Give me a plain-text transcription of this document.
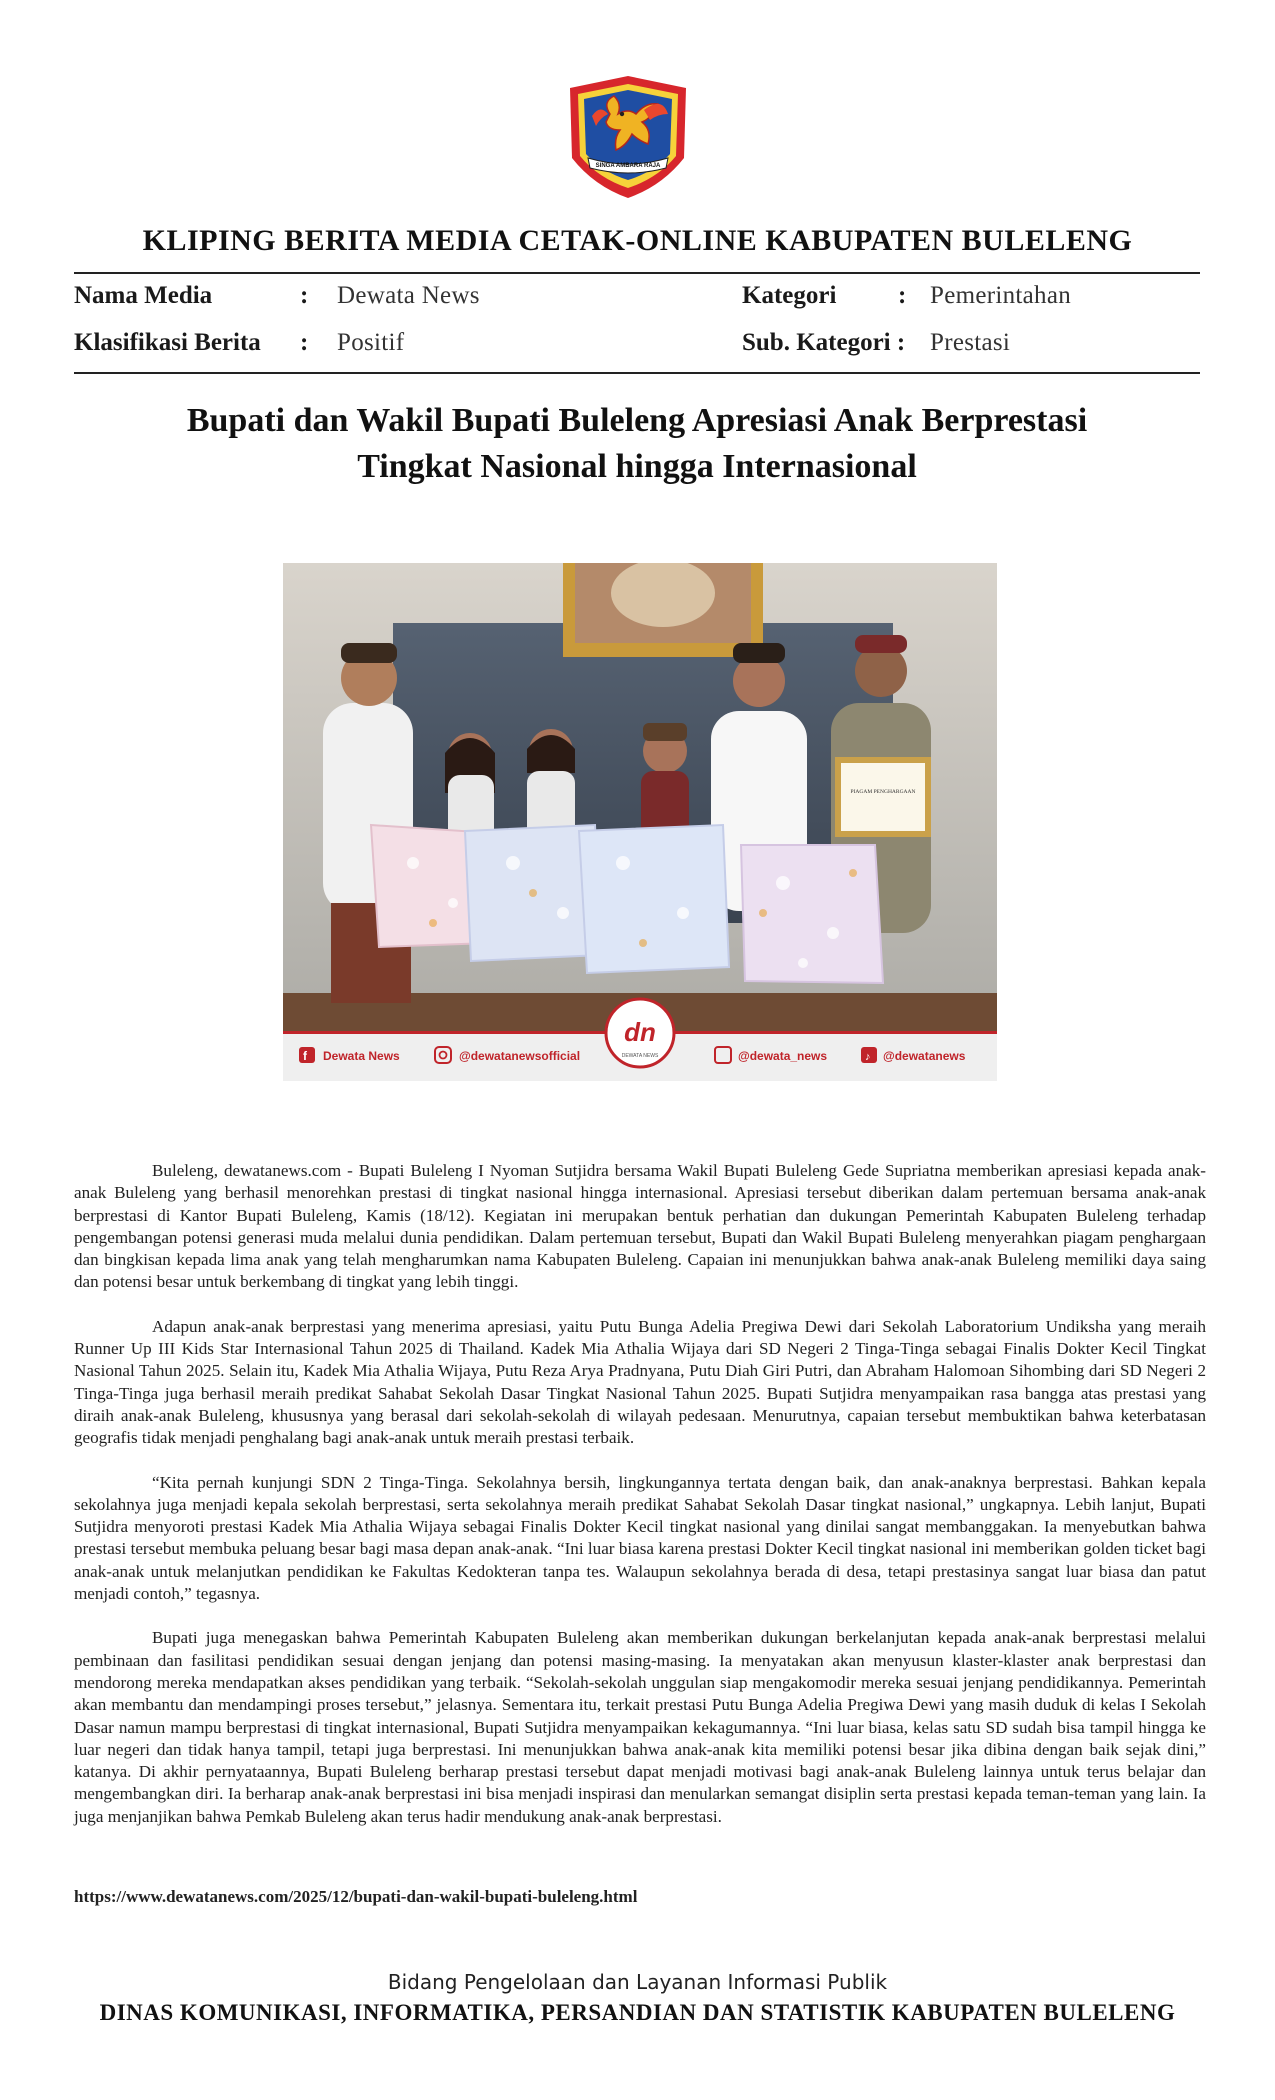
SINGA AMBARA RAJA
KLIPING BERITA MEDIA CETAK-ONLINE KABUPATEN BULELENG
Nama Media	: Dewata News	Kategori : Pemerintahan
Klasifikasi Berita : Positif	Sub. Kategori : Prestasi
Bupati dan Wakil Bupati Buleleng Apresiasi Anak Berprestasi
Tingkat Nasional hingga Internasional
PIAGAM PENGHARGAAN
f Dewata News	@dewatanewsofficial
dn
DEWATA NEWS	@dewata_news	♪ @dewatanews

Buleleng, dewatanews.com - Bupati Buleleng I Nyoman Sutjidra bersama Wakil Bupati Buleleng Gede Supriatna memberikan apresiasi kepada anak-anak Buleleng yang berhasil menorehkan prestasi di tingkat nasional hingga internasional. Apresiasi tersebut diberikan dalam pertemuan bersama anak-anak berprestasi di Kantor Bupati Buleleng, Kamis (18/12). Kegiatan ini merupakan bentuk perhatian dan dukungan Pemerintah Kabupaten Buleleng terhadap pengembangan potensi generasi muda melalui dunia pendidikan. Dalam pertemuan tersebut, Bupati dan Wakil Bupati Buleleng menyerahkan piagam penghargaan dan bingkisan kepada lima anak yang telah mengharumkan nama Kabupaten Buleleng. Capaian ini menunjukkan bahwa anak-anak Buleleng memiliki daya saing dan potensi besar untuk berkembang di tingkat yang lebih tinggi.

Adapun anak-anak berprestasi yang menerima apresiasi, yaitu Putu Bunga Adelia Pregiwa Dewi dari Sekolah Laboratorium Undiksha yang meraih Runner Up III Kids Star Internasional Tahun 2025 di Thailand. Kadek Mia Athalia Wijaya dari SD Negeri 2 Tinga-Tinga sebagai Finalis Dokter Kecil Tingkat Nasional Tahun 2025. Selain itu, Kadek Mia Athalia Wijaya, Putu Reza Arya Pradnyana, Putu Diah Giri Putri, dan Abraham Halomoan Sihombing dari SD Negeri 2 Tinga-Tinga juga berhasil meraih predikat Sahabat Sekolah Dasar Tingkat Nasional Tahun 2025. Bupati Sutjidra menyampaikan rasa bangga atas prestasi yang diraih anak-anak Buleleng, khususnya yang berasal dari sekolah-sekolah di wilayah pedesaan. Menurutnya, capaian tersebut membuktikan bahwa keterbatasan geografis tidak menjadi penghalang bagi anak-anak untuk meraih prestasi terbaik.

“Kita pernah kunjungi SDN 2 Tinga-Tinga. Sekolahnya bersih, lingkungannya tertata dengan baik, dan anak-anaknya berprestasi. Bahkan kepala sekolahnya juga menjadi kepala sekolah berprestasi, serta sekolahnya meraih predikat Sahabat Sekolah Dasar tingkat nasional,” ungkapnya. Lebih lanjut, Bupati Sutjidra menyoroti prestasi Kadek Mia Athalia Wijaya sebagai Finalis Dokter Kecil tingkat nasional yang dinilai sangat membanggakan. Ia menyebutkan bahwa prestasi tersebut membuka peluang besar bagi masa depan anak-anak. “Ini luar biasa karena prestasi Dokter Kecil tingkat nasional ini memberikan golden ticket bagi anak-anak untuk melanjutkan pendidikan ke Fakultas Kedokteran tanpa tes. Walaupun sekolahnya berada di desa, tetapi prestasinya sangat luar biasa dan patut menjadi contoh,” tegasnya.

Bupati juga menegaskan bahwa Pemerintah Kabupaten Buleleng akan memberikan dukungan berkelanjutan kepada anak-anak berprestasi melalui pembinaan dan fasilitasi pendidikan sesuai dengan jenjang dan potensi masing-masing. Ia menyatakan akan menyusun klaster-klaster anak berprestasi dan mendorong mereka mendapatkan akses pendidikan yang terbaik. “Sekolah-sekolah unggulan siap mengakomodir mereka sesuai jenjang pendidikannya. Pemerintah akan membantu dan mendampingi proses tersebut,” jelasnya. Sementara itu, terkait prestasi Putu Bunga Adelia Pregiwa Dewi yang masih duduk di kelas I Sekolah Dasar namun mampu berprestasi di tingkat internasional, Bupati Sutjidra menyampaikan kekagumannya. “Ini luar biasa, kelas satu SD sudah bisa tampil hingga ke luar negeri dan tidak hanya tampil, tetapi juga berprestasi. Ini menunjukkan bahwa anak-anak kita memiliki potensi besar jika dibina dengan baik sejak dini,” katanya. Di akhir pernyataannya, Bupati Buleleng berharap prestasi tersebut dapat menjadi motivasi bagi anak-anak Buleleng lainnya untuk terus belajar dan mengembangkan diri. Ia berharap anak-anak berprestasi ini bisa menjadi inspirasi dan menularkan semangat disiplin serta prestasi kepada teman-teman yang lain. Ia juga menjanjikan bahwa Pemkab Buleleng akan terus hadir mendukung anak-anak berprestasi.

https://www.dewatanews.com/2025/12/bupati-dan-wakil-bupati-buleleng.html
Bidang Pengelolaan dan Layanan Informasi Publik
DINAS KOMUNIKASI, INFORMATIKA, PERSANDIAN DAN STATISTIK KABUPATEN BULELENG
